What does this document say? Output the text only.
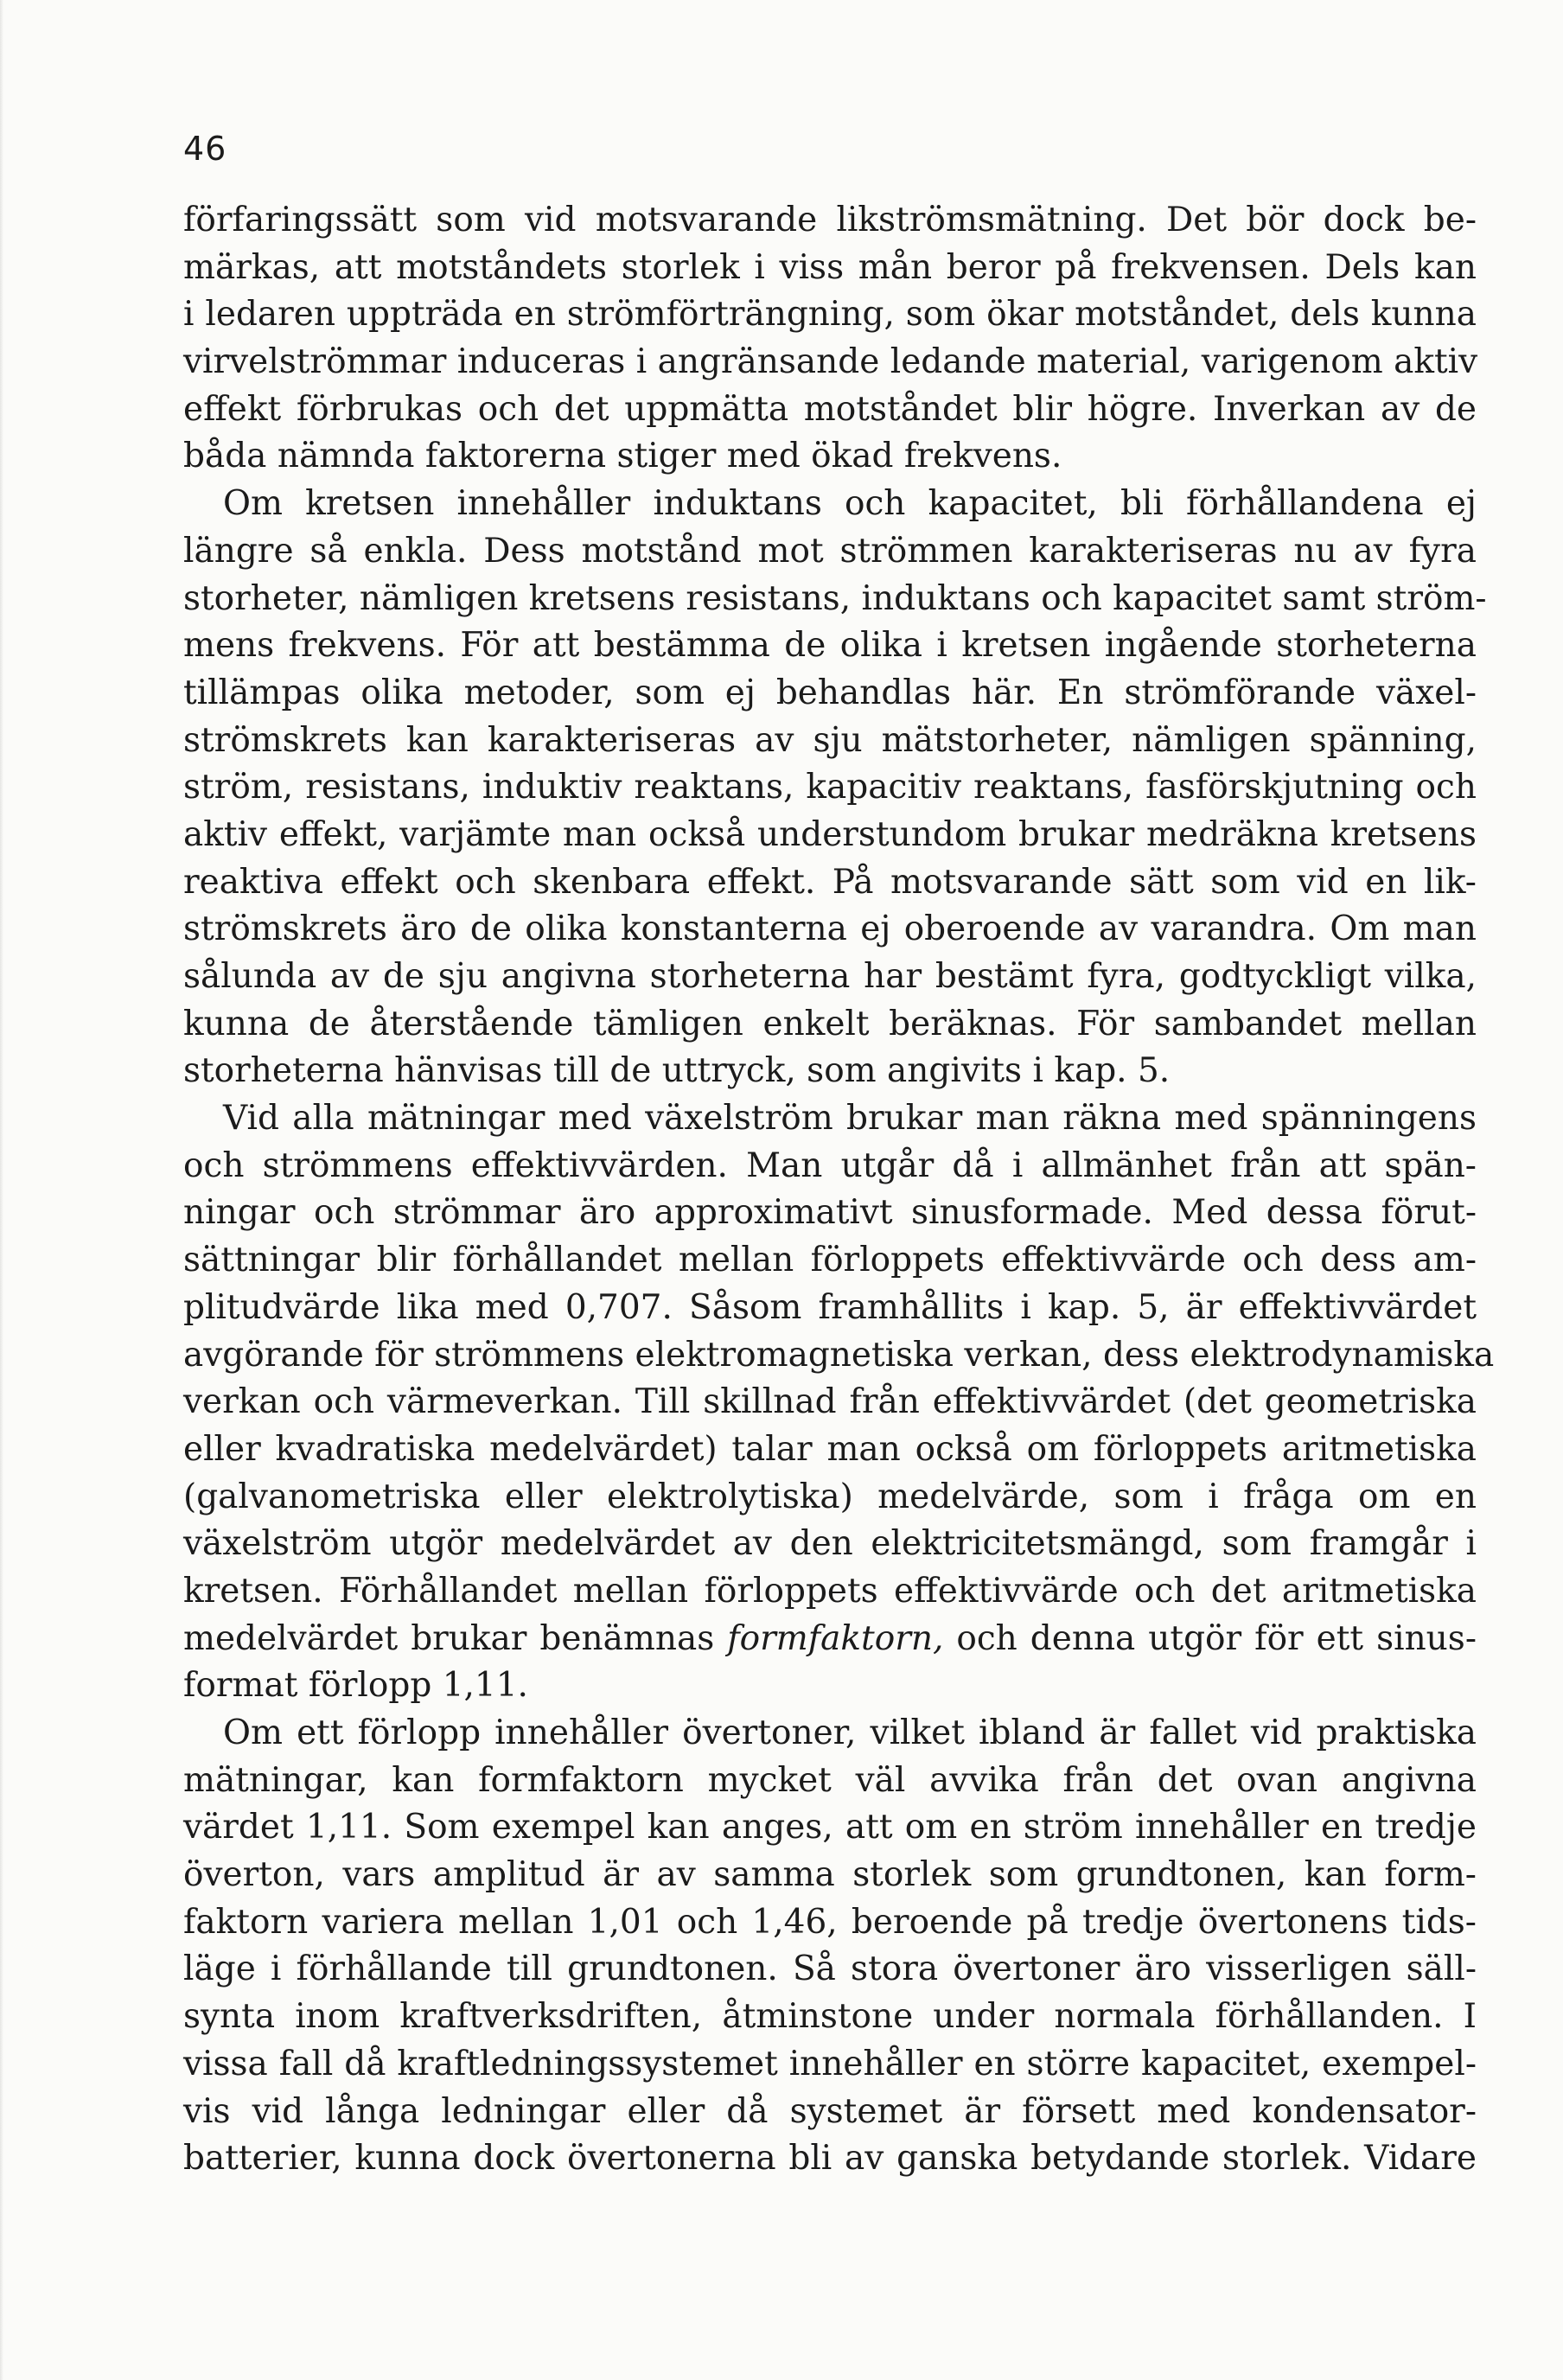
46
förfaringssätt som vid motsvarande likströmsmätning. Det bör dock be-
märkas, att motståndets storlek i viss mån beror på frekvensen. Dels kan
i ledaren uppträda en strömförträngning, som ökar motståndet, dels kunna
virvelströmmar induceras i angränsande ledande material, varigenom aktiv
effekt förbrukas och det uppmätta motståndet blir högre. Inverkan av de
båda nämnda faktorerna stiger med ökad frekvens.
Om kretsen innehåller induktans och kapacitet, bli förhållandena ej
längre så enkla. Dess motstånd mot strömmen karakteriseras nu av fyra
storheter, nämligen kretsens resistans, induktans och kapacitet samt ström-
mens frekvens. För att bestämma de olika i kretsen ingående storheterna
tillämpas olika metoder, som ej behandlas här. En strömförande växel-
strömskrets kan karakteriseras av sju mätstorheter, nämligen spänning,
ström, resistans, induktiv reaktans, kapacitiv reaktans, fasförskjutning och
aktiv effekt, varjämte man också understundom brukar medräkna kretsens
reaktiva effekt och skenbara effekt. På motsvarande sätt som vid en lik-
strömskrets äro de olika konstanterna ej oberoende av varandra. Om man
sålunda av de sju angivna storheterna har bestämt fyra, godtyckligt vilka,
kunna de återstående tämligen enkelt beräknas. För sambandet mellan
storheterna hänvisas till de uttryck, som angivits i kap. 5.
Vid alla mätningar med växelström brukar man räkna med spänningens
och strömmens effektivvärden. Man utgår då i allmänhet från att spän-
ningar och strömmar äro approximativt sinusformade. Med dessa förut-
sättningar blir förhållandet mellan förloppets effektivvärde och dess am-
plitudvärde lika med 0,707. Såsom framhållits i kap. 5, är effektivvärdet
avgörande för strömmens elektromagnetiska verkan, dess elektrodynamiska
verkan och värmeverkan. Till skillnad från effektivvärdet (det geometriska
eller kvadratiska medelvärdet) talar man också om förloppets aritmetiska
(galvanometriska eller elektrolytiska) medelvärde, som i fråga om en
växelström utgör medelvärdet av den elektricitetsmängd, som framgår i
kretsen. Förhållandet mellan förloppets effektivvärde och det aritmetiska
medelvärdet brukar benämnas formfaktorn, och denna utgör för ett sinus-
format förlopp 1,11.
Om ett förlopp innehåller övertoner, vilket ibland är fallet vid praktiska
mätningar, kan formfaktorn mycket väl avvika från det ovan angivna
värdet 1,11. Som exempel kan anges, att om en ström innehåller en tredje
överton, vars amplitud är av samma storlek som grundtonen, kan form-
faktorn variera mellan 1,01 och 1,46, beroende på tredje övertonens tids-
läge i förhållande till grundtonen. Så stora övertoner äro visserligen säll-
synta inom kraftverksdriften, åtminstone under normala förhållanden. I
vissa fall då kraftledningssystemet innehåller en större kapacitet, exempel-
vis vid långa ledningar eller då systemet är försett med kondensator-
batterier, kunna dock övertonerna bli av ganska betydande storlek. Vidare
